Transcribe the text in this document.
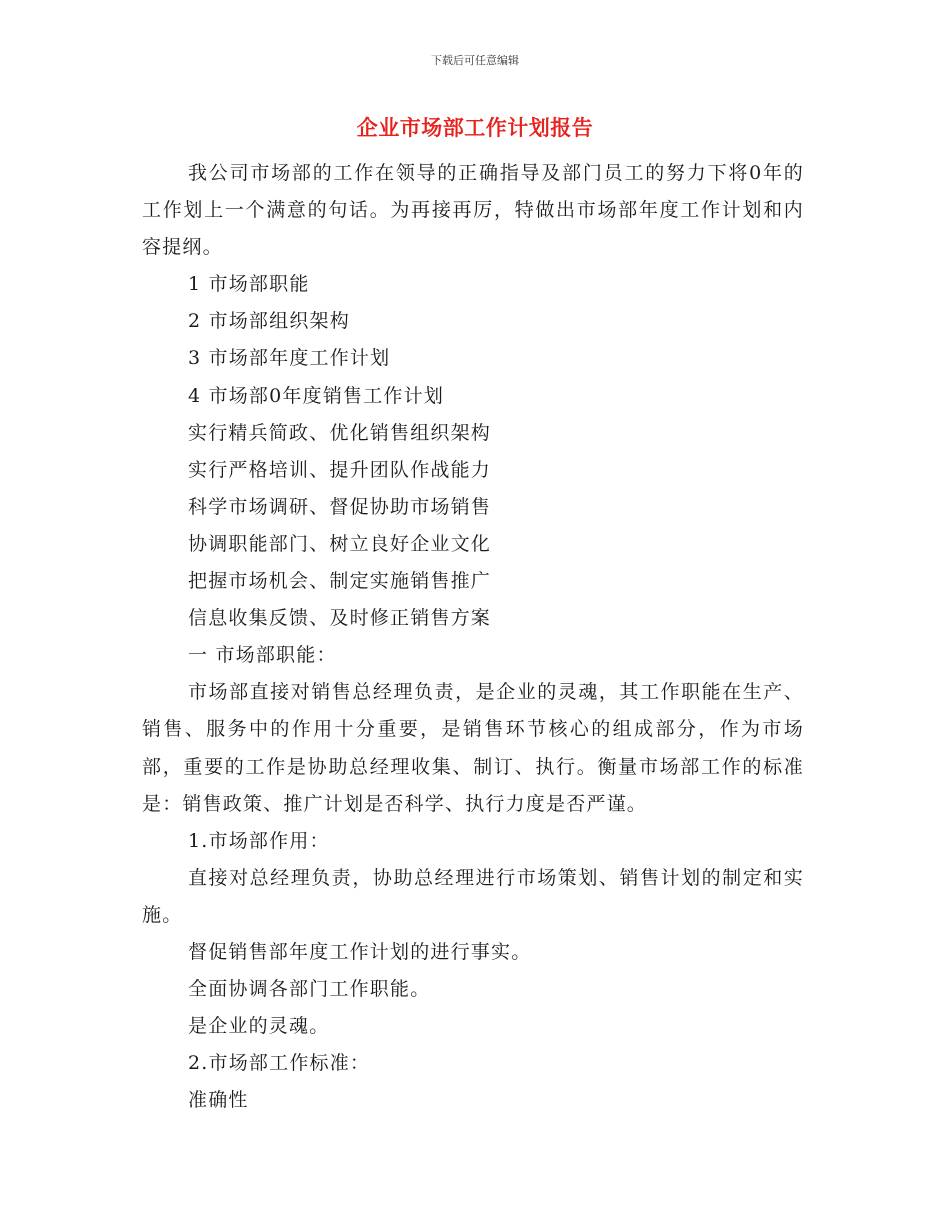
下载后可任意编辑
企业市场部工作计划报告

我公司市场部的工作在领导的正确指导及部门员工的努力下将0年的工作划上一个满意的句话。为再接再厉，特做出市场部年度工作计划和内容提纲。

1 市场部职能

2 市场部组织架构

3 市场部年度工作计划

4 市场部0年度销售工作计划

实行精兵简政、优化销售组织架构

实行严格培训、提升团队作战能力

科学市场调研、督促协助市场销售

协调职能部门、树立良好企业文化

把握市场机会、制定实施销售推广

信息收集反馈、及时修正销售方案

一 市场部职能：

市场部直接对销售总经理负责，是企业的灵魂，其工作职能在生产、销售、服务中的作用十分重要，是销售环节核心的组成部分，作为市场部，重要的工作是协助总经理收集、制订、执行。衡量市场部工作的标准是：销售政策、推广计划是否科学、执行力度是否严谨。

1.市场部作用：

直接对总经理负责，协助总经理进行市场策划、销售计划的制定和实施。

督促销售部年度工作计划的进行事实。

全面协调各部门工作职能。

是企业的灵魂。

2.市场部工作标准：

准确性
